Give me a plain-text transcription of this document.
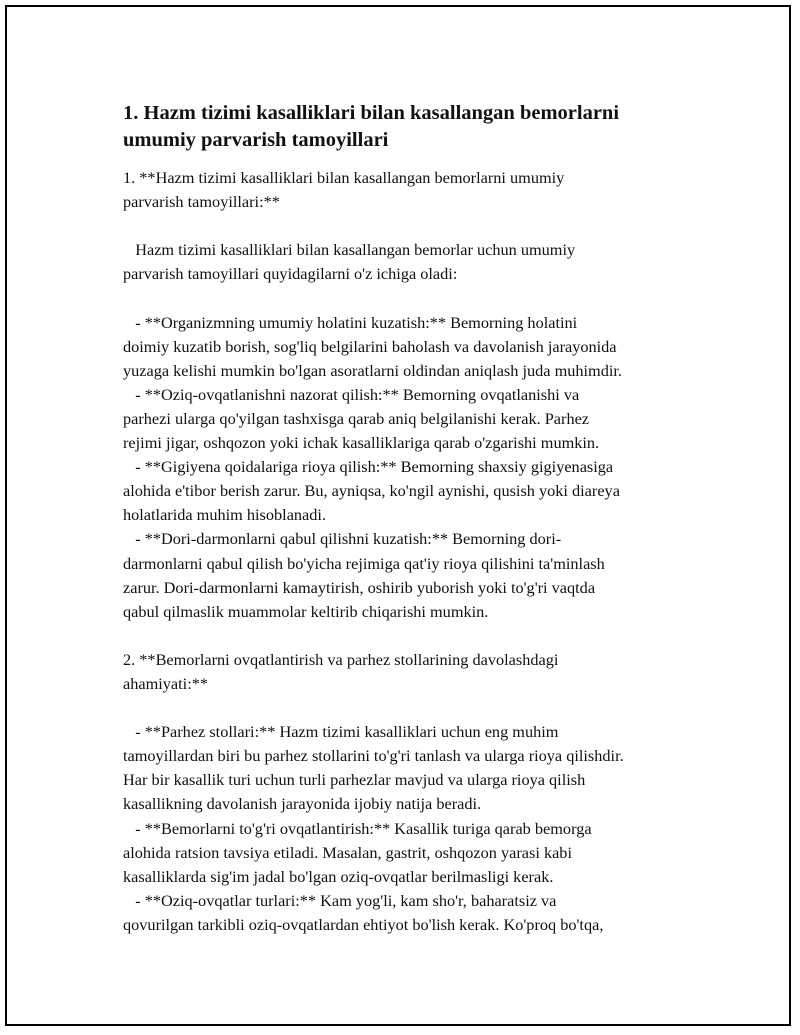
1. Hazm tizimi kasalliklari bilan kasallangan bemorlarni
umumiy parvarish tamoyillari
1. **Hazm tizimi kasalliklari bilan kasallangan bemorlarni umumiy
parvarish tamoyillari:**
Hazm tizimi kasalliklari bilan kasallangan bemorlar uchun umumiy
parvarish tamoyillari quyidagilarni o'z ichiga oladi:
- **Organizmning umumiy holatini kuzatish:** Bemorning holatini
doimiy kuzatib borish, sog'liq belgilarini baholash va davolanish jarayonida
yuzaga kelishi mumkin bo'lgan asoratlarni oldindan aniqlash juda muhimdir.
- **Oziq-ovqatlanishni nazorat qilish:** Bemorning ovqatlanishi va
parhezi ularga qo'yilgan tashxisga qarab aniq belgilanishi kerak. Parhez
rejimi jigar, oshqozon yoki ichak kasalliklariga qarab o'zgarishi mumkin.
- **Gigiyena qoidalariga rioya qilish:** Bemorning shaxsiy gigiyenasiga
alohida e'tibor berish zarur. Bu, ayniqsa, ko'ngil aynishi, qusish yoki diareya
holatlarida muhim hisoblanadi.
- **Dori-darmonlarni qabul qilishni kuzatish:** Bemorning dori-
darmonlarni qabul qilish bo'yicha rejimiga qat'iy rioya qilishini ta'minlash
zarur. Dori-darmonlarni kamaytirish, oshirib yuborish yoki to'g'ri vaqtda
qabul qilmaslik muammolar keltirib chiqarishi mumkin.
2. **Bemorlarni ovqatlantirish va parhez stollarining davolashdagi
ahamiyati:**
- **Parhez stollari:** Hazm tizimi kasalliklari uchun eng muhim
tamoyillardan biri bu parhez stollarini to'g'ri tanlash va ularga rioya qilishdir.
Har bir kasallik turi uchun turli parhezlar mavjud va ularga rioya qilish
kasallikning davolanish jarayonida ijobiy natija beradi.
- **Bemorlarni to'g'ri ovqatlantirish:** Kasallik turiga qarab bemorga
alohida ratsion tavsiya etiladi. Masalan, gastrit, oshqozon yarasi kabi
kasalliklarda sig'im jadal bo'lgan oziq-ovqatlar berilmasligi kerak.
- **Oziq-ovqatlar turlari:** Kam yog'li, kam sho'r, baharatsiz va
qovurilgan tarkibli oziq-ovqatlardan ehtiyot bo'lish kerak. Ko'proq bo'tqa,
